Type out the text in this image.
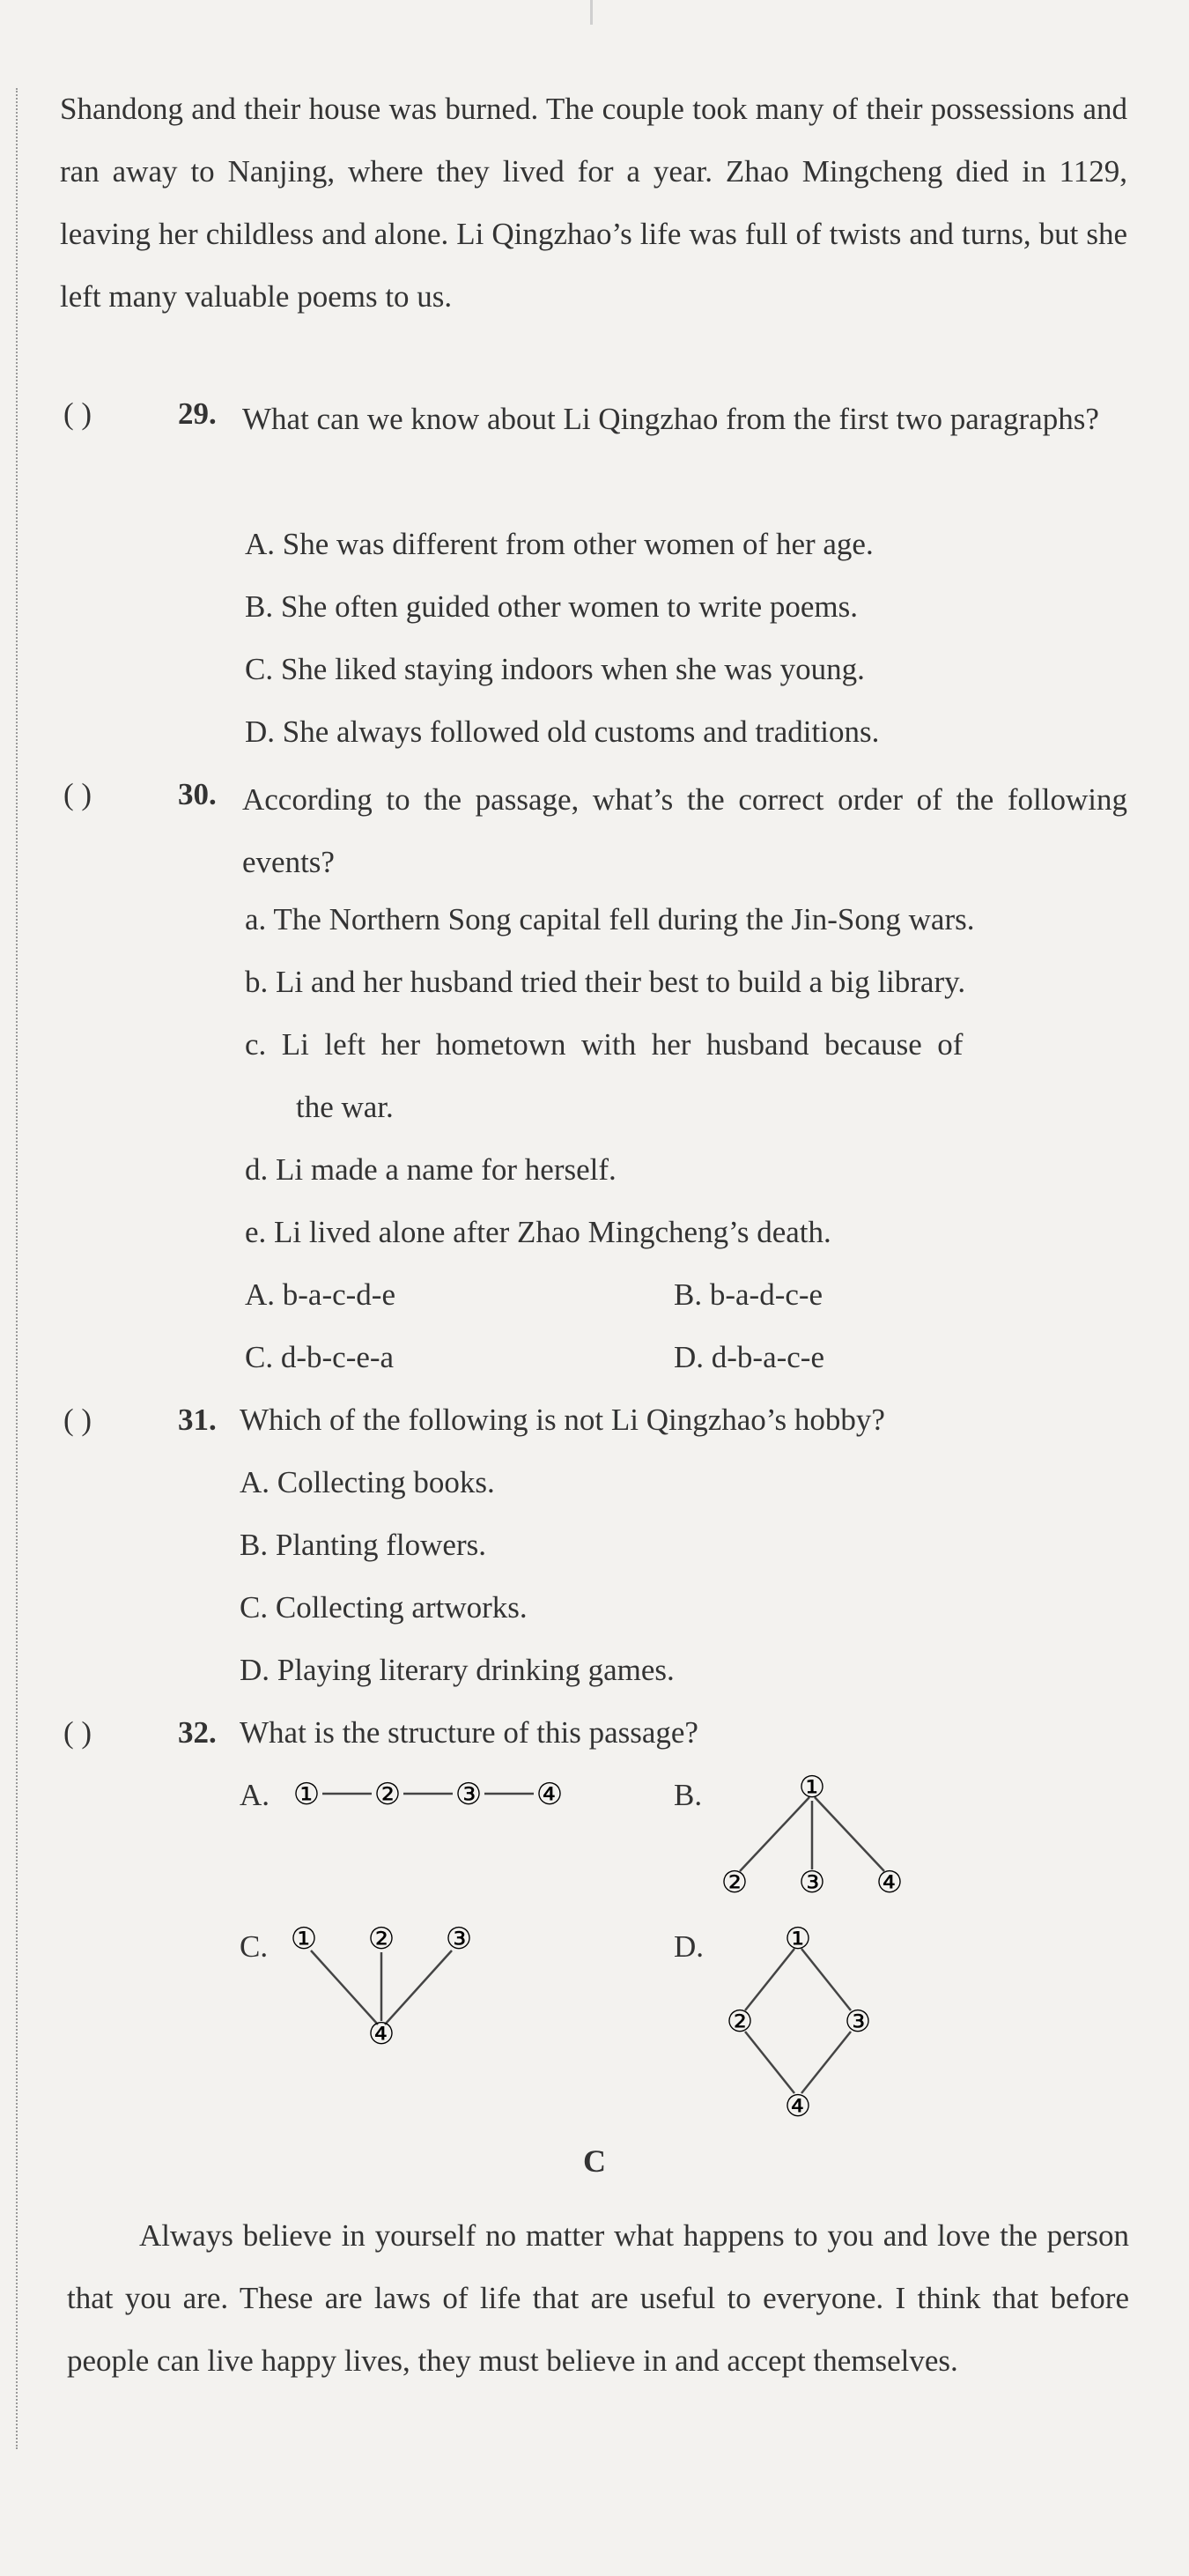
Shandong and their house was burned. The couple took many of their possessions and ran away to Nanjing, where they lived for a year. Zhao Mingcheng died in 1129, leaving her childless and alone. Li Qingzhao’s life was full of twists and turns, but she left many valuable poems to us.
( )	29. What can we know about Li Qingzhao from the first two paragraphs?
A. She was different from other women of her age.
B. She often guided other women to write poems.
C. She liked staying indoors when she was young.
D. She always followed old customs and traditions.
( )	30. According to the passage, what’s the correct order of the following events?
a. The Northern Song capital fell during the Jin-Song wars.
b. Li and her husband tried their best to build a big library.
c.  Li  left  her  hometown  with  her  husband  because  of
the war.
d. Li made a name for herself.
e. Li lived alone after Zhao Mingcheng’s death.
A. b-a-c-d-e	B. b-a-d-c-e
C. d-b-c-e-a	D. d-b-a-c-e
( )	31. Which of the following is not Li Qingzhao’s hobby?
A. Collecting books.
B. Planting flowers.
C. Collecting artworks.
D. Playing literary drinking games.
( )	32. What is the structure of this passage?
A.	B.
C.	D.
① ② ③ ④	①
② ③ ④
① ② ③
④
①
②	③
④
C
Always believe in yourself no matter what happens to you and love the person that you are. These are laws of life that are useful to everyone. I think that before people can live happy lives, they must believe in and accept themselves.
